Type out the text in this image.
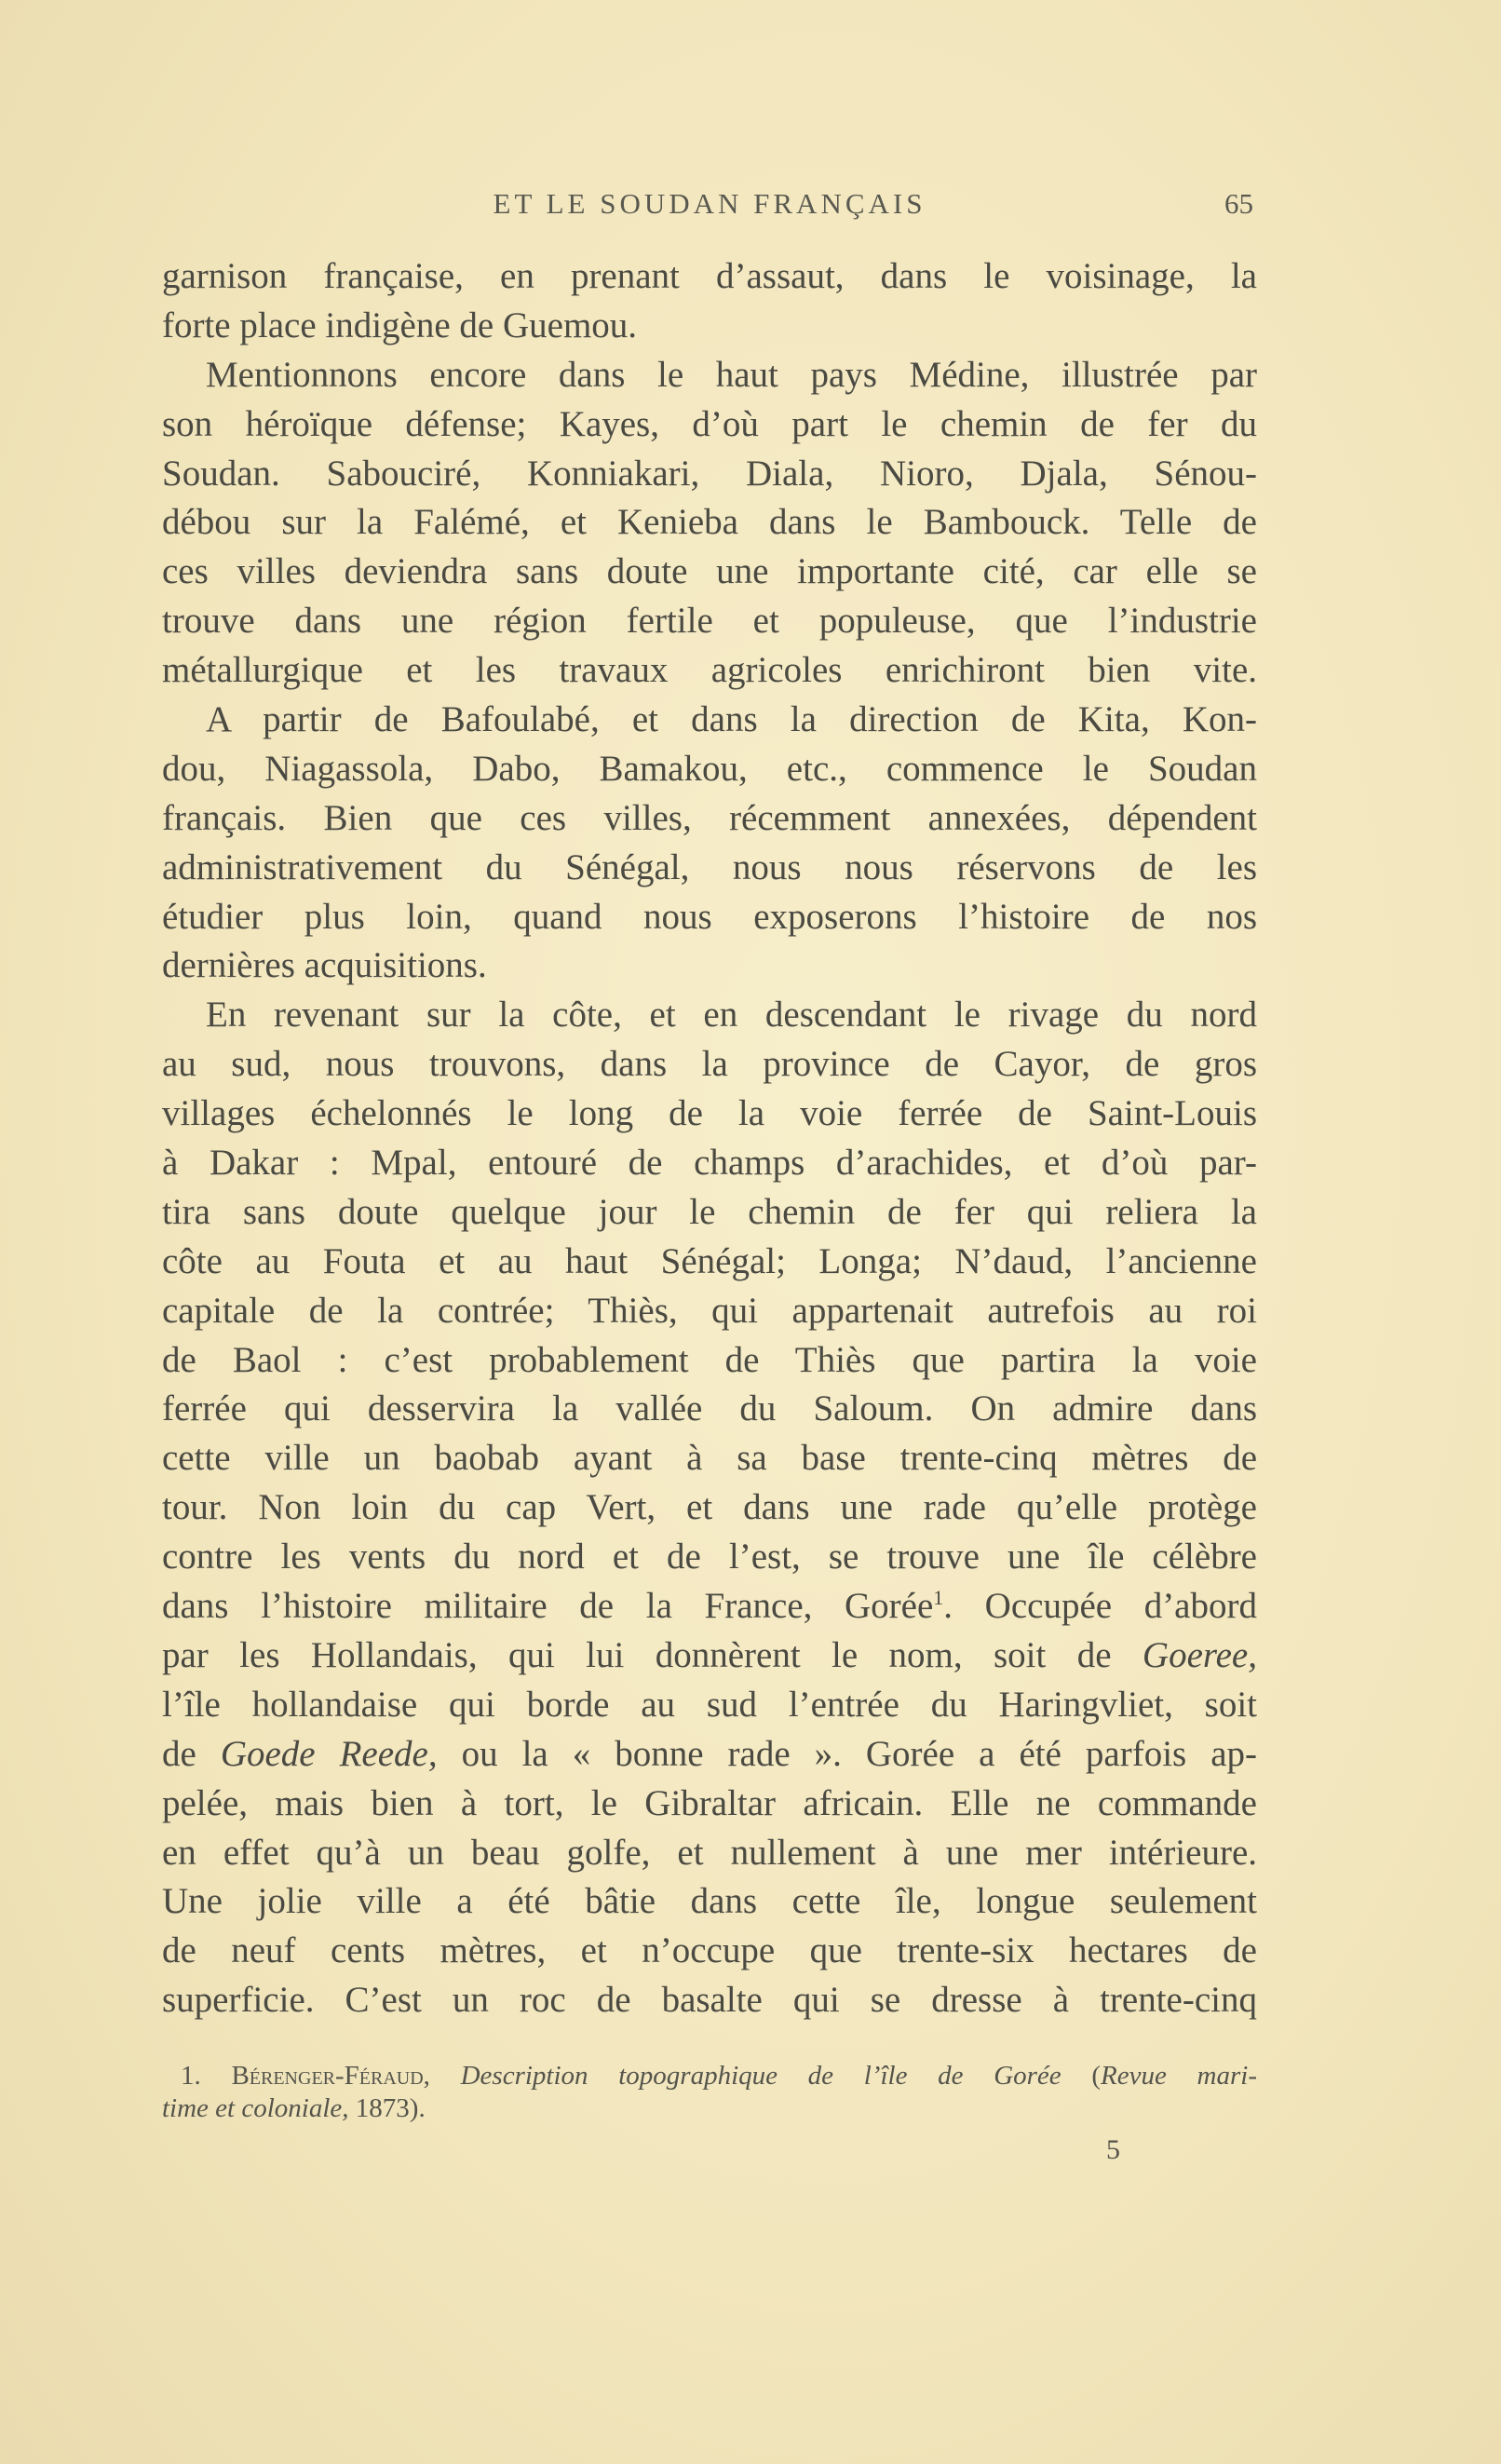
ET LE SOUDAN FRANÇAIS	65
garnison française, en prenant d’assaut, dans le voisinage, la
forte place indigène de Guemou.
Mentionnons encore dans le haut pays Médine, illustrée par
son héroïque défense; Kayes, d’où part le chemin de fer du
Soudan. Sabouciré, Konniakari, Diala, Nioro, Djala, Sénou-
débou sur la Falémé, et Kenieba dans le Bambouck. Telle de
ces villes deviendra sans doute une importante cité, car elle se
trouve dans une région fertile et populeuse, que l’industrie
métallurgique et les travaux agricoles enrichiront bien vite.
A partir de Bafoulabé, et dans la direction de Kita, Kon-
dou, Niagassola, Dabo, Bamakou, etc., commence le Soudan
français. Bien que ces villes, récemment annexées, dépendent
administrativement du Sénégal, nous nous réservons de les
étudier plus loin, quand nous exposerons l’histoire de nos
dernières acquisitions.
En revenant sur la côte, et en descendant le rivage du nord
au sud, nous trouvons, dans la province de Cayor, de gros
villages échelonnés le long de la voie ferrée de Saint-Louis
à Dakar : Mpal, entouré de champs d’arachides, et d’où par-
tira sans doute quelque jour le chemin de fer qui reliera la
côte au Fouta et au haut Sénégal; Longa; N’daud, l’ancienne
capitale de la contrée; Thiès, qui appartenait autrefois au roi
de Baol : c’est probablement de Thiès que partira la voie
ferrée qui desservira la vallée du Saloum. On admire dans
cette ville un baobab ayant à sa base trente-cinq mètres de
tour. Non loin du cap Vert, et dans une rade qu’elle protège
contre les vents du nord et de l’est, se trouve une île célèbre
dans l’histoire militaire de la France, Gorée$^1$. Occupée d’abord
par les Hollandais, qui lui donnèrent le nom, soit de Goeree,
l’île hollandaise qui borde au sud l’entrée du Haringvliet, soit
de Goede Reede, ou la « bonne rade ». Gorée a été parfois ap-
pelée, mais bien à tort, le Gibraltar africain. Elle ne commande
en effet qu’à un beau golfe, et nullement à une mer intérieure.
Une jolie ville a été bâtie dans cette île, longue seulement
de neuf cents mètres, et n’occupe que trente-six hectares de
superficie. C’est un roc de basalte qui se dresse à trente-cinq
1. Bérenger-Féraud, Description topographique de l’île de Gorée (Revue mari-
time et coloniale, 1873).
5
